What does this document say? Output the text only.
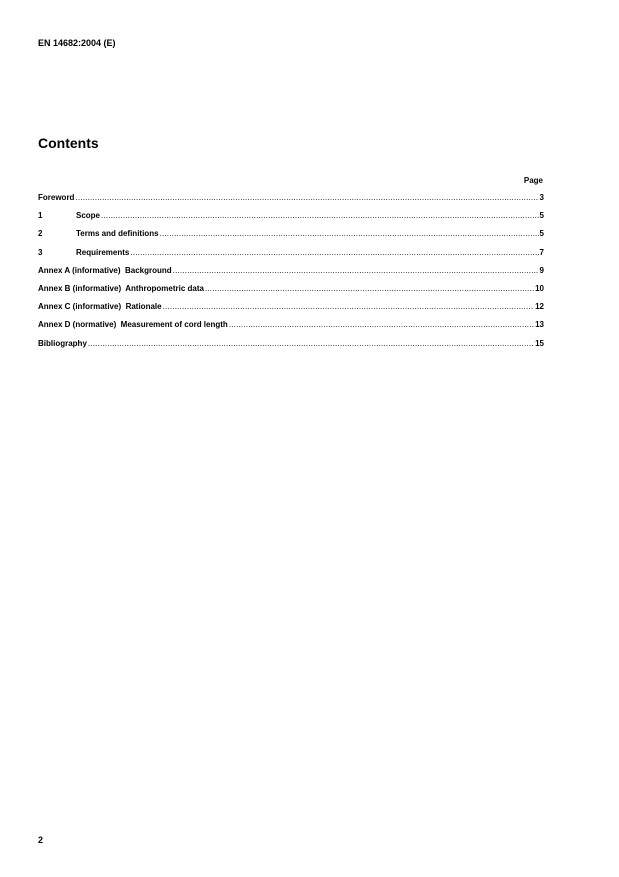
EN 14682:2004 (E)
Contents
Page
Foreword .....	3
1	Scope .....	5
2	Terms and definitions .....	5
3	Requirements .....	7
Annex A (informative)  Background .....	9
Annex B (informative)  Anthropometric data .....	10
Annex C (informative)  Rationale .....	12
Annex D (normative)  Measurement of cord length .....	13
Bibliography .....	15
2
